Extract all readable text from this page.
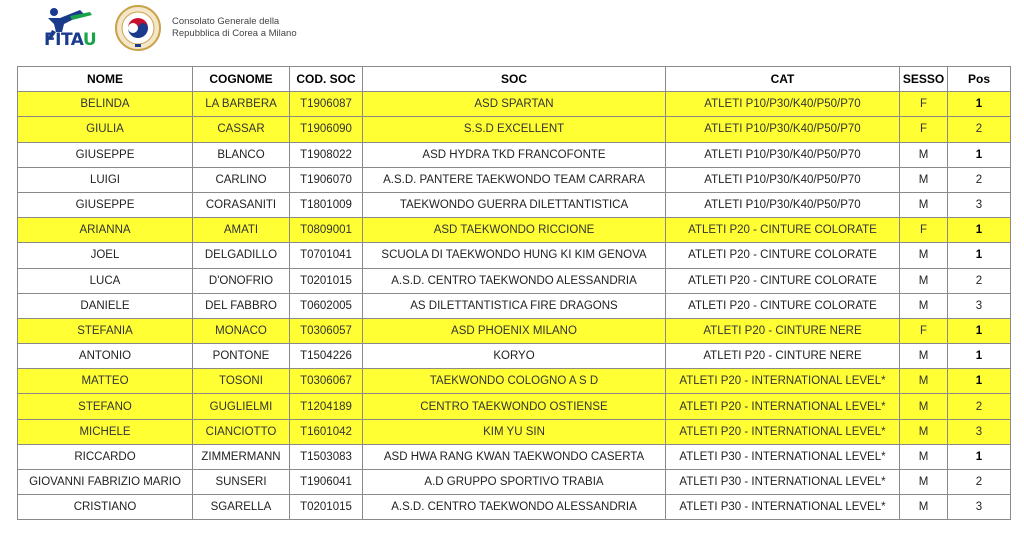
FITAU
Consolato Generale della
Repubblica di Corea a Milano
NOME	COGNOME	COD. SOC	SOC	CAT	SESSO	Pos
BELINDA	LA BARBERA	T1906087	ASD SPARTAN	ATLETI P10/P30/K40/P50/P70	F	1
GIULIA	CASSAR	T1906090	S.S.D EXCELLENT	ATLETI P10/P30/K40/P50/P70	F	2
GIUSEPPE	BLANCO	T1908022	ASD HYDRA TKD FRANCOFONTE	ATLETI P10/P30/K40/P50/P70	M	1
LUIGI	CARLINO	T1906070	A.S.D. PANTERE TAEKWONDO TEAM CARRARA	ATLETI P10/P30/K40/P50/P70	M	2
GIUSEPPE	CORASANITI	T1801009	TAEKWONDO GUERRA DILETTANTISTICA	ATLETI P10/P30/K40/P50/P70	M	3
ARIANNA	AMATI	T0809001	ASD TAEKWONDO RICCIONE	ATLETI P20 - CINTURE COLORATE	F	1
JOEL	DELGADILLO	T0701041	SCUOLA DI TAEKWONDO HUNG KI KIM GENOVA	ATLETI P20 - CINTURE COLORATE	M	1
LUCA	D'ONOFRIO	T0201015	A.S.D. CENTRO TAEKWONDO ALESSANDRIA	ATLETI P20 - CINTURE COLORATE	M	2
DANIELE	DEL FABBRO	T0602005	AS DILETTANTISTICA FIRE DRAGONS	ATLETI P20 - CINTURE COLORATE	M	3
STEFANIA	MONACO	T0306057	ASD PHOENIX MILANO	ATLETI P20 - CINTURE NERE	F	1
ANTONIO	PONTONE	T1504226	KORYO	ATLETI P20 - CINTURE NERE	M	1
MATTEO	TOSONI	T0306067	TAEKWONDO COLOGNO A S D	ATLETI P20 - INTERNATIONAL LEVEL*	M	1
STEFANO	GUGLIELMI	T1204189	CENTRO TAEKWONDO OSTIENSE	ATLETI P20 - INTERNATIONAL LEVEL*	M	2
MICHELE	CIANCIOTTO	T1601042	KIM YU SIN	ATLETI P20 - INTERNATIONAL LEVEL*	M	3
RICCARDO	ZIMMERMANN	T1503083	ASD HWA RANG KWAN TAEKWONDO CASERTA	ATLETI P30 - INTERNATIONAL LEVEL*	M	1
GIOVANNI FABRIZIO MARIO	SUNSERI	T1906041	A.D GRUPPO SPORTIVO TRABIA	ATLETI P30 - INTERNATIONAL LEVEL*	M	2
CRISTIANO	SGARELLA	T0201015	A.S.D. CENTRO TAEKWONDO ALESSANDRIA	ATLETI P30 - INTERNATIONAL LEVEL*	M	3
